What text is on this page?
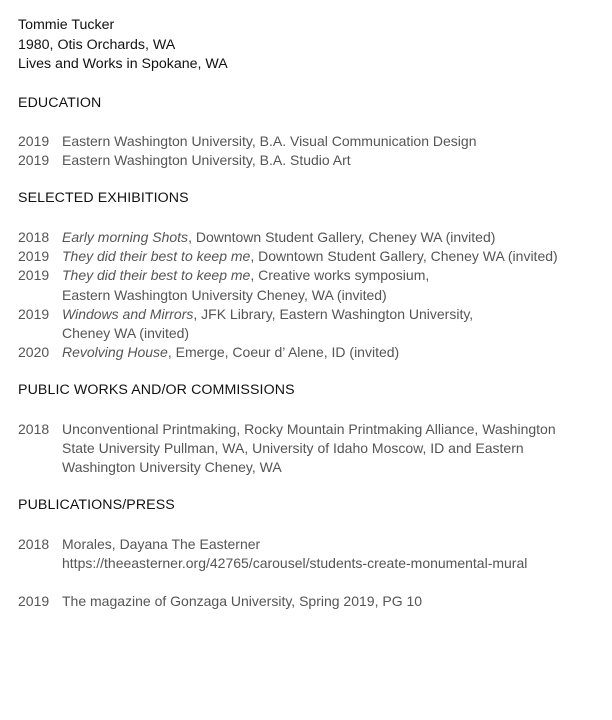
Tommie Tucker
1980, Otis Orchards, WA
Lives and Works in Spokane, WA
EDUCATION
2019 Eastern Washington University, B.A. Visual Communication Design
2019 Eastern Washington University, B.A. Studio Art
SELECTED EXHIBITIONS
2018 Early morning Shots, Downtown Student Gallery, Cheney WA (invited)
2019 They did their best to keep me, Downtown Student Gallery, Cheney WA (invited)
2019 They did their best to keep me, Creative works symposium,
Eastern Washington University Cheney, WA (invited)
2019 Windows and Mirrors, JFK Library, Eastern Washington University,
Cheney WA (invited)
2020 Revolving House, Emerge, Coeur d’ Alene, ID (invited)
PUBLIC WORKS AND/OR COMMISSIONS
2018 Unconventional Printmaking, Rocky Mountain Printmaking Alliance, Washington
State University Pullman, WA, University of Idaho Moscow, ID and Eastern
Washington University Cheney, WA
PUBLICATIONS/PRESS
2018 Morales, Dayana The Easterner
https://theeasterner.org/42765/carousel/students-create-monumental-mural
2019 The magazine of Gonzaga University, Spring 2019, PG 10
